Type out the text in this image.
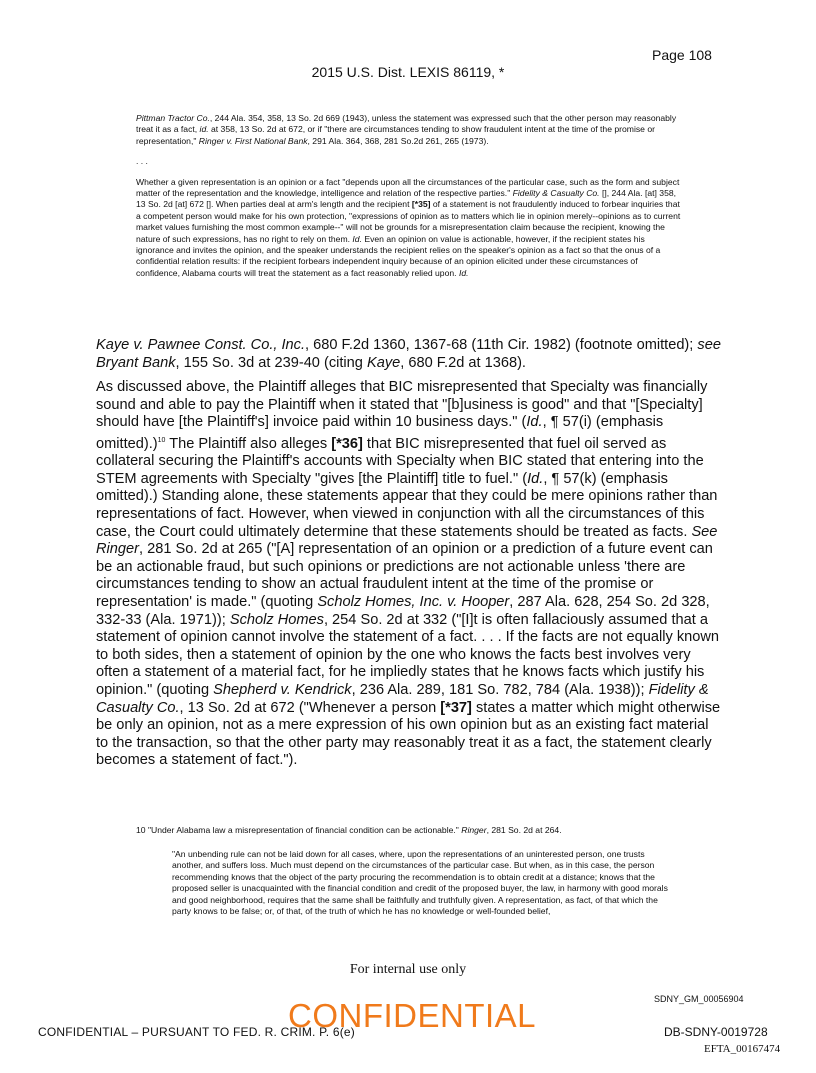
Page 108
2015 U.S. Dist. LEXIS 86119, *

Pittman Tractor Co., 244 Ala. 354, 358, 13 So. 2d 669 (1943), unless the statement was expressed such that the other person may reasonably treat it as a fact, id. at 358, 13 So. 2d at 672, or if "there are circumstances tending to show fraudulent intent at the time of the promise or representation," Ringer v. First National Bank, 291 Ala. 364, 368, 281 So.2d 261, 265 (1973).

. . .

Whether a given representation is an opinion or a fact "depends upon all the circumstances of the particular case, such as the form and subject matter of the representation and the knowledge, intelligence and relation of the respective parties." Fidelity & Casualty Co. [], 244 Ala. [at] 358, 13 So. 2d [at] 672 []. When parties deal at arm's length and the recipient [*35] of a statement is not fraudulently induced to forbear inquiries that a competent person would make for his own protection, "expressions of opinion as to matters which lie in opinion merely--opinions as to current market values furnishing the most common example--" will not be grounds for a misrepresentation claim because the recipient, knowing the nature of such expressions, has no right to rely on them. Id. Even an opinion on value is actionable, however, if the recipient states his ignorance and invites the opinion, and the speaker understands the recipient relies on the speaker's opinion as a fact so that the onus of a confidential relation results: if the recipient forbears independent inquiry because of an opinion elicited under these circumstances of confidence, Alabama courts will treat the statement as a fact reasonably relied upon. Id.

Kaye v. Pawnee Const. Co., Inc., 680 F.2d 1360, 1367-68 (11th Cir. 1982) (footnote omitted); see Bryant Bank, 155 So. 3d at 239-40 (citing Kaye, 680 F.2d at 1368).

As discussed above, the Plaintiff alleges that BIC misrepresented that Specialty was financially sound and able to pay the Plaintiff when it stated that "[b]usiness is good" and that "[Specialty] should have [the Plaintiff's] invoice paid within 10 business days." (Id., ¶ 57(i) (emphasis omitted).)$^{10}$ The Plaintiff also alleges [*36] that BIC misrepresented that fuel oil served as collateral securing the Plaintiff's accounts with Specialty when BIC stated that entering into the STEM agreements with Specialty "gives [the Plaintiff] title to fuel." (Id., ¶ 57(k) (emphasis omitted).) Standing alone, these statements appear that they could be mere opinions rather than representations of fact. However, when viewed in conjunction with all the circumstances of this case, the Court could ultimately determine that these statements should be treated as facts. See Ringer, 281 So. 2d at 265 ("[A] representation of an opinion or a prediction of a future event can be an actionable fraud, but such opinions or predictions are not actionable unless 'there are circumstances tending to show an actual fraudulent intent at the time of the promise or representation' is made." (quoting Scholz Homes, Inc. v. Hooper, 287 Ala. 628, 254 So. 2d 328, 332-33 (Ala. 1971)); Scholz Homes, 254 So. 2d at 332 ("[I]t is often fallaciously assumed that a statement of opinion cannot involve the statement of a fact. . . . If the facts are not equally known to both sides, then a statement of opinion by the one who knows the facts best involves very often a statement of a material fact, for he impliedly states that he knows facts which justify his opinion." (quoting Shepherd v. Kendrick, 236 Ala. 289, 181 So. 782, 784 (Ala. 1938)); Fidelity & Casualty Co., 13 So. 2d at 672 ("Whenever a person [*37] states a matter which might otherwise be only an opinion, not as a mere expression of his own opinion but as an existing fact material to the transaction, so that the other party may reasonably treat it as a fact, the statement clearly becomes a statement of fact.").

10 "Under Alabama law a misrepresentation of financial condition can be actionable." Ringer, 281 So. 2d at 264.

"An unbending rule can not be laid down for all cases, where, upon the representations of an uninterested person, one trusts another, and suffers loss. Much must depend on the circumstances of the particular case. But when, as in this case, the person recommending knows that the object of the party procuring the recommendation is to obtain credit at a distance; knows that the proposed seller is unacquainted with the financial condition and credit of the proposed buyer, the law, in harmony with good morals and good neighborhood, requires that the same shall be faithfully and truthfully given. A representation, as fact, of that which the party knows to be false; or, of that, of the truth of which he has no knowledge or well-founded belief,

For internal use only
SDNY_GM_00056904
CONFIDENTIAL – PURSUANT TO FED. R. CRIM. P. 6(e)
CONFIDENTIAL	DB-SDNY-0019728
EFTA_00167474
